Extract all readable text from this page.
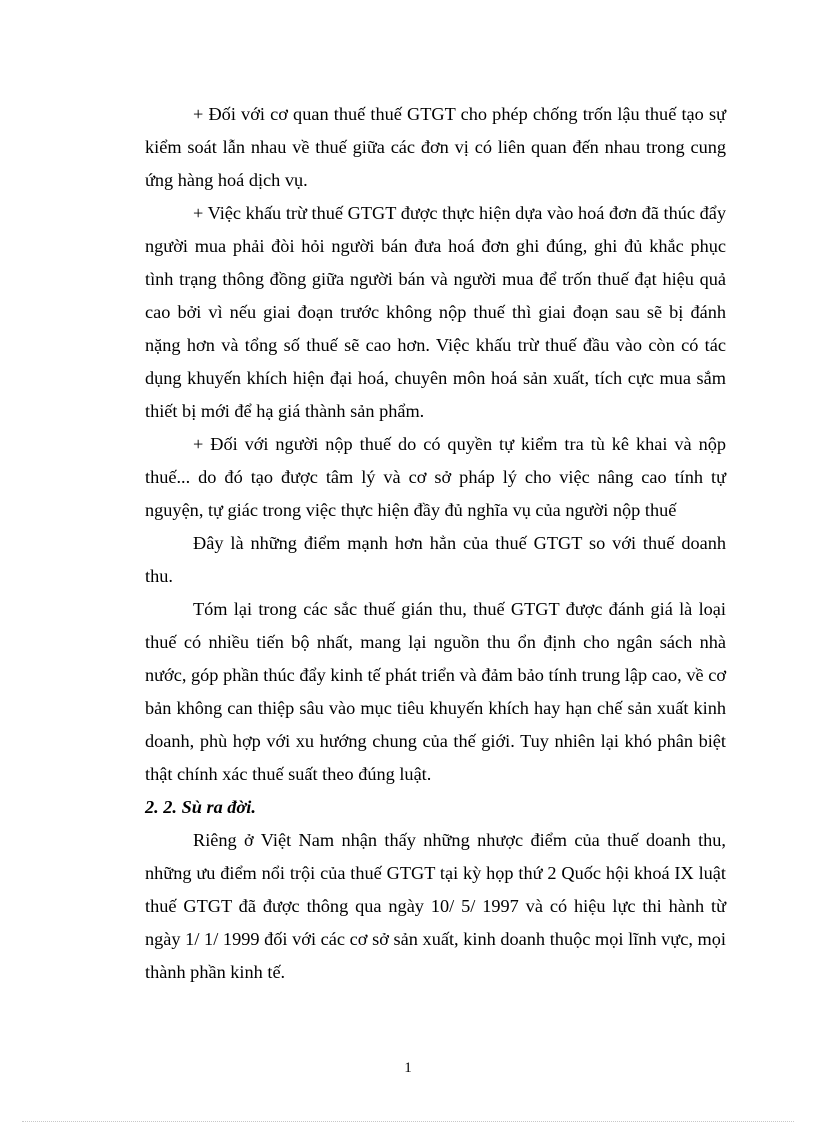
+ Đối với cơ quan thuế thuế GTGT cho phép chống trốn lậu thuế tạo sự kiểm soát lẫn nhau về thuế giữa các đơn vị có liên quan đến nhau trong cung ứng hàng hoá dịch vụ.

+ Việc khấu trừ thuế GTGT được thực hiện dựa vào hoá đơn đã thúc đẩy người mua phải đòi hỏi người bán đưa hoá đơn ghi đúng, ghi đủ khắc phục tình trạng thông đồng giữa người bán và người mua để trốn thuế đạt hiệu quả cao bởi vì nếu giai đoạn trước không nộp thuế thì giai đoạn sau sẽ bị đánh nặng hơn và tổng số thuế sẽ cao hơn. Việc khấu trừ thuế đầu vào còn có tác dụng khuyến khích hiện đại hoá, chuyên môn hoá sản xuất, tích cực mua sắm thiết bị mới để hạ giá thành sản phẩm.

+ Đối với người nộp thuế do có quyền tự kiểm tra tù kê khai và nộp thuế... do đó tạo được tâm lý và cơ sở pháp lý cho việc nâng cao tính tự nguyện, tự giác trong việc thực hiện đầy đủ nghĩa vụ của người nộp thuế

Đây là những điểm mạnh hơn hẳn của thuế GTGT so với thuế doanh thu.

Tóm lại trong các sắc thuế gián thu, thuế GTGT được đánh giá là loại thuế có nhiều tiến bộ nhất, mang lại nguồn thu ổn định cho ngân sách nhà nước, góp phần thúc đẩy kinh tế phát triển và đảm bảo tính trung lập cao, về cơ bản không can thiệp sâu vào mục tiêu khuyến khích hay hạn chế sản xuất kinh doanh, phù hợp với xu hướng chung của thế giới. Tuy nhiên lại khó phân biệt thật chính xác thuế suất theo đúng luật.

2. 2. Sù ra đời.

Riêng ở Việt Nam nhận thấy những nhược điểm của thuế doanh thu, những ưu điểm nổi trội của thuế GTGT tại kỳ họp thứ 2 Quốc hội khoá IX luật thuế GTGT đã được thông qua ngày 10/ 5/ 1997 và có hiệu lực thi hành từ ngày 1/ 1/ 1999 đối với các cơ sở sản xuất, kinh doanh thuộc mọi lĩnh vực, mọi thành phần kinh tế.

1
